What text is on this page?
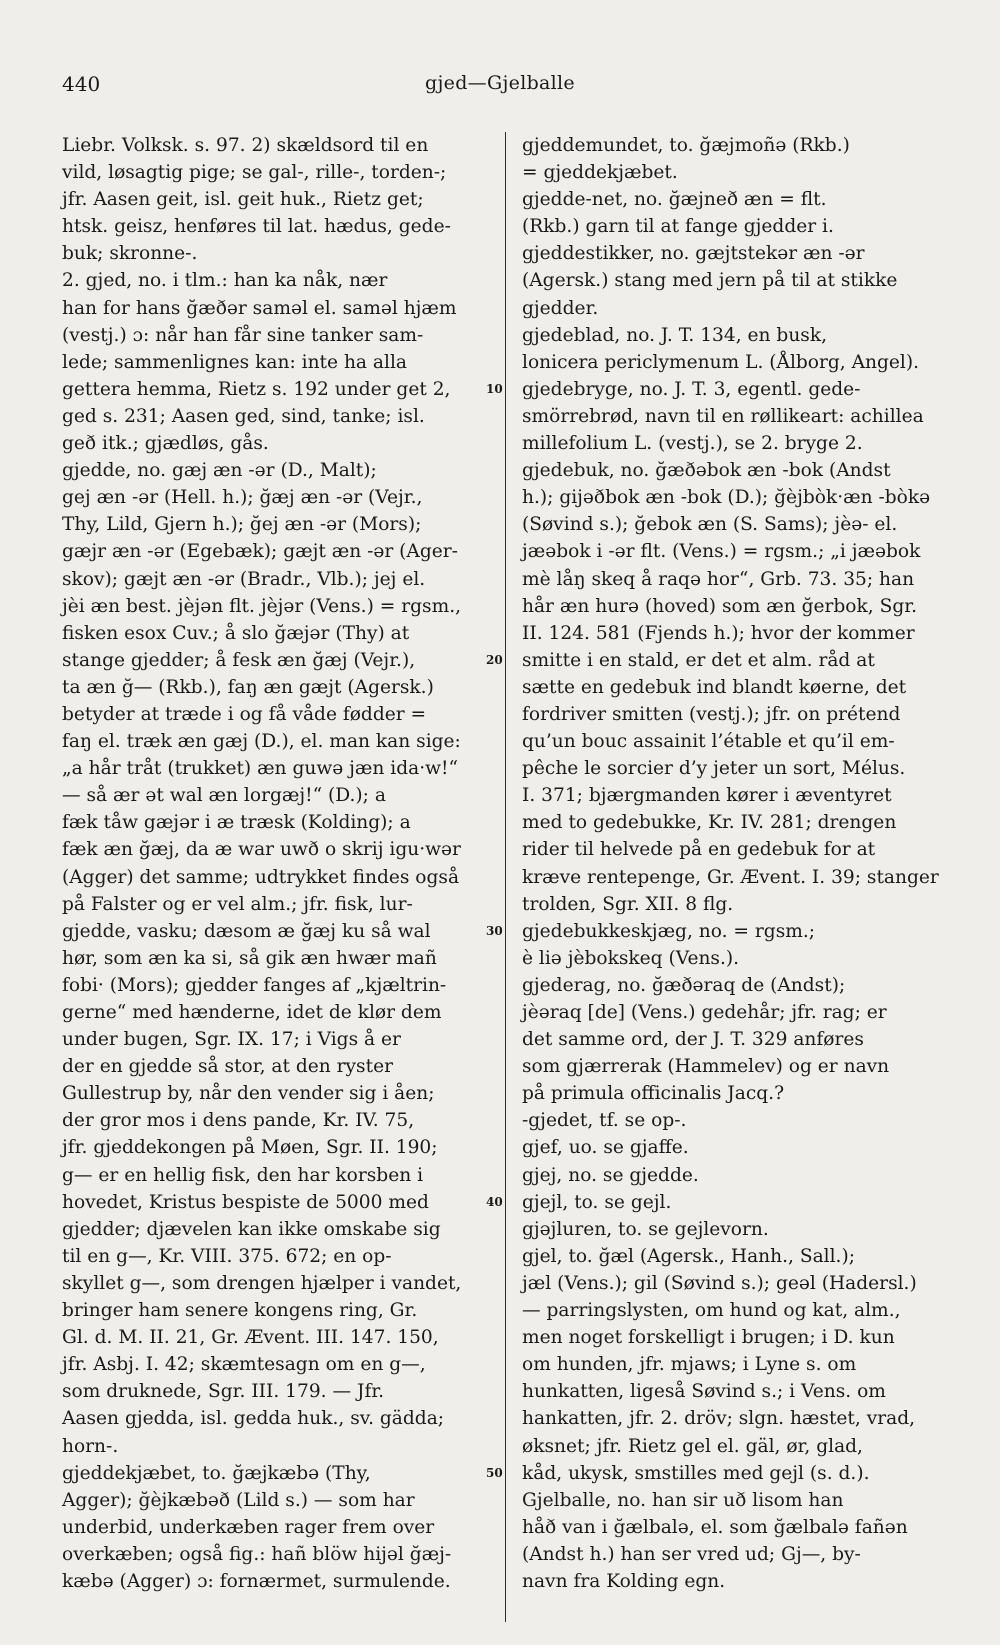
440	gjed—Gjelballe
Liebr. Volksk. s. 97. 2) skældsord til en
vild, løsagtig pige; se gal-, rille-, torden-;
jfr. Aasen geit, isl. geit huk., Rietz get;
htsk. geisz, henføres til lat. hædus, gede-
buk; skronne-.
2. gjed, no. i tlm.: han ka nåk, nær
han for hans ğæðər samǝl el. samǝl hjæm
(vestj.) ɔ: når han får sine tanker sam-
lede; sammenlignes kan: inte ha alla
gettera hemma, Rietz s. 192 under get 2,
ged s. 231; Aasen ged, sind, tanke; isl.
geð itk.; gjædløs, gås.
gjedde, no. gæj æn -ər (D., Malt);
gej æn -ər (Hell. h.); ğæj æn -ər (Vejr.,
Thy, Lild, Gjern h.); ğej æn -ər (Mors);
gæjr æn -ər (Egebæk); gæjt æn -ər (Ager-
skov); gæjt æn -ər (Bradr., Vlb.); jej el.
jèi æn best. jèjən flt. jèjər (Vens.) = rgsm.,
fisken esox Cuv.; å slo ğæjər (Thy) at
stange gjedder; å fesk æn ğæj (Vejr.),
ta æn ğ— (Rkb.), faŋ æn gæjt (Agersk.)
betyder at træde i og få våde fødder =
faŋ el. træk æn gæj (D.), el. man kan sige:
„a hår tråt (trukket) æn guwə jæn ida·w!“
— så ær ət wal æn lorgæj!“ (D.); a
fæk tåw gæjər i æ træsk (Kolding); a
fæk æn ğæj, da æ war uwð o skrij igu·wər
(Agger) det samme; udtrykket findes også
på Falster og er vel alm.; jfr. fisk, lur-
gjedde, vasku; dæsom æ ğæj ku så wal
hør, som æn ka si, så gik æn hwær mañ
fobi· (Mors); gjedder fanges af „kjæltrin-
gerne“ med hænderne, idet de klør dem
under bugen, Sgr. IX. 17; i Vigs å er
der en gjedde så stor, at den ryster
Gullestrup by, når den vender sig i åen;
der gror mos i dens pande, Kr. IV. 75,
jfr. gjeddekongen på Møen, Sgr. II. 190;
g— er en hellig fisk, den har korsben i
hovedet, Kristus bespiste de 5000 med
gjedder; djævelen kan ikke omskabe sig
til en g—, Kr. VIII. 375. 672; en op-
skyllet g—, som drengen hjælper i vandet,
bringer ham senere kongens ring, Gr.
Gl. d. M. II. 21, Gr. Ævent. III. 147. 150,
jfr. Asbj. I. 42; skæmtesagn om en g—,
som druknede, Sgr. III. 179. — Jfr.
Aasen gjedda, isl. gedda huk., sv. gädda;
horn-.
gjeddekjæbet, to. ğæjkæbə (Thy,
Agger); ğèjkæbəð (Lild s.) — som har
underbid, underkæben rager frem over
overkæben; også fig.: hañ blöw hijəl ğæj-
kæbə (Agger) ɔ: fornærmet, surmulende.
gjeddemundet, to. ğæjmoñə (Rkb.)
= gjeddekjæbet.
gjedde-net, no. ğæjneð æn = flt.
(Rkb.) garn til at fange gjedder i.
gjeddestikker, no. gæjtstekər æn -ər
(Agersk.) stang med jern på til at stikke
gjedder.
gjedeblad, no. J. T. 134, en busk,
lonicera periclymenum L. (Ålborg, Angel).
gjedebryge, no. J. T. 3, egentl. gede-
smörrebrød, navn til en røllikeart: achillea
millefolium L. (vestj.), se 2. bryge 2.
gjedebuk, no. ğæðəbok æn -bok (Andst
h.); gijəðbok æn -bok (D.); ğèjbòk·æn -bòkə
(Søvind s.); ğebok æn (S. Sams); jèə- el.
jæəbok i -ər flt. (Vens.) = rgsm.; „i jæəbok
mè låŋ skeq å raqə hor“, Grb. 73. 35; han
hår æn hurə (hoved) som æn ğerbok, Sgr.
II. 124. 581 (Fjends h.); hvor der kommer
smitte i en stald, er det et alm. råd at
sætte en gedebuk ind blandt køerne, det
fordriver smitten (vestj.); jfr. on prétend
qu’un bouc assainit l’étable et qu’il em-
pêche le sorcier d’y jeter un sort, Mélus.
I. 371; bjærgmanden kører i æventyret
med to gedebukke, Kr. IV. 281; drengen
rider til helvede på en gedebuk for at
kræve rentepenge, Gr. Ævent. I. 39; stanger
trolden, Sgr. XII. 8 flg.
gjedebukkeskjæg, no. = rgsm.;
è liə jèbokskeq (Vens.).
gjederag, no. ğæðəraq de (Andst);
jèəraq [de] (Vens.) gedehår; jfr. rag; er
det samme ord, der J. T. 329 anføres
som gjærrerak (Hammelev) og er navn
på primula officinalis Jacq.?
-gjedet, tf. se op-.
gjef, uo. se gjaffe.
gjej, no. se gjedde.
gjejl, to. se gejl.
gjəjluren, to. se gejlevorn.
gjel, to. ğæl (Agersk., Hanh., Sall.);
jæl (Vens.); gil (Søvind s.); geəl (Hadersl.)
— parringslysten, om hund og kat, alm.,
men noget forskelligt i brugen; i D. kun
om hunden, jfr. mjaws; i Lyne s. om
hunkatten, ligeså Søvind s.; i Vens. om
hankatten, jfr. 2. dröv; slgn. hæstet, vrad,
øksnet; jfr. Rietz gel el. gäl, ør, glad,
kåd, ukysk, smstilles med gejl (s. d.).
Gjelballe, no. han sir uð lisom han
håð van i ğælbalə, el. som ğælbalə fañən
(Andst h.) han ser vred ud; Gj—, by-
navn fra Kolding egn.
10
20
30
40
50
